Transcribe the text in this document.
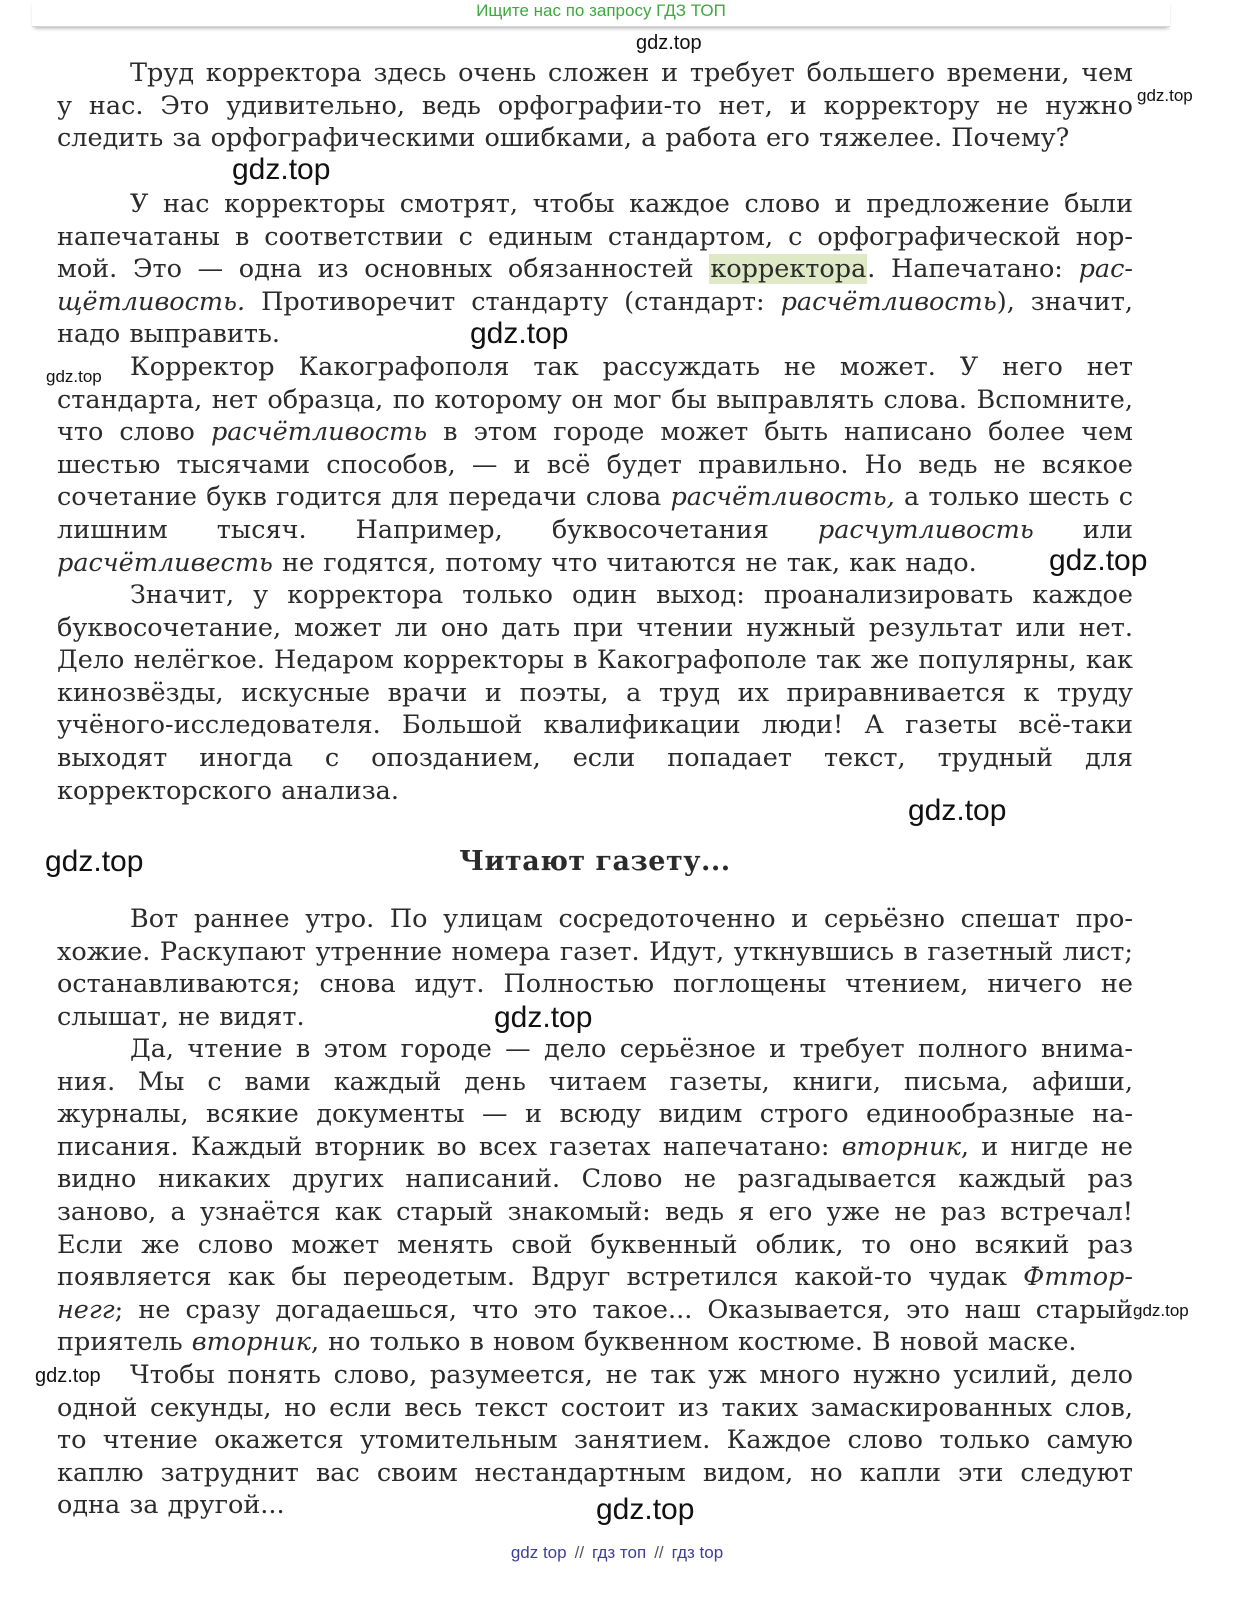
Ищите нас по запросу ГДЗ ТОП
gdz.top
gdz.top
gdz.top
gdz.top
gdz.top
gdz.top
gdz.top
gdz.top
gdz.top
gdz.top
gdz.top
gdz.top

Труд корректора здесь очень сложен и требует большего времени, чем у нас. Это удивительно, ведь орфографии-то нет, и корректору не нужно следить за орфографическими ошибками, а работа его тяжелее. Почему?

У нас корректоры смотрят, чтобы каждое слово и предложение были напечатаны в соответствии с единым стандартом, с орфографической нормой. Это — одна из основных обязанностей корректора. Напечатано: расщётливость. Противоречит стандарту (стандарт: расчётливость), значит, надо выправить.

Корректор Какографополя так рассуждать не может. У него нет стандарта, нет образца, по которому он мог бы выправлять слова. Вспомните, что слово расчётливость в этом городе может быть написано более чем шестью тысячами способов, — и всё будет правильно. Но ведь не всякое сочетание букв годится для передачи слова расчётливость, а только шесть с лишним тысяч. Например, буквосочетания расчутливость или расчётливесть не годятся, потому что читаются не так, как надо.

Значит, у корректора только один выход: проанализировать каждое буквосочетание, может ли оно дать при чтении нужный результат или нет. Дело нелёгкое. Недаром корректоры в Какографополе так же популярны, как кинозвёзды, искусные врачи и поэты, а труд их приравнивается к труду учёного-исследователя. Большой квалификации люди! А газеты всё-таки выходят иногда с опозданием, если попадает текст, трудный для корректорского анализа.

Читают газету...

Вот раннее утро. По улицам сосредоточенно и серьёзно спешат прохожие. Раскупают утренние номера газет. Идут, уткнувшись в газетный лист; останавливаются; снова идут. Полностью поглощены чтением, ничего не слышат, не видят.

Да, чтение в этом городе — дело серьёзное и требует полного внимания. Мы с вами каждый день читаем газеты, книги, письма, афиши, журналы, всякие документы — и всюду видим строго единообразные написания. Каждый вторник во всех газетах напечатано: вторник, и нигде не видно никаких других написаний. Слово не разгадывается каждый раз заново, а узнаётся как старый знакомый: ведь я его уже не раз встречал! Если же слово может менять свой буквенный облик, то оно всякий раз появляется как бы переодетым. Вдруг встретился какой-то чудак Фтторнегг; не сразу догадаешься, что это такое... Оказывается, это наш старый приятель вторник, но только в новом буквенном костюме. В новой маске.

Чтобы понять слово, разумеется, не так уж много нужно усилий, дело одной секунды, но если весь текст состоит из таких замаскированных слов, то чтение окажется утомительным занятием. Каждое слово только самую каплю затруднит вас своим нестандартным видом, но капли эти следуют одна за другой...

gdz top // гдз топ // гдз top
